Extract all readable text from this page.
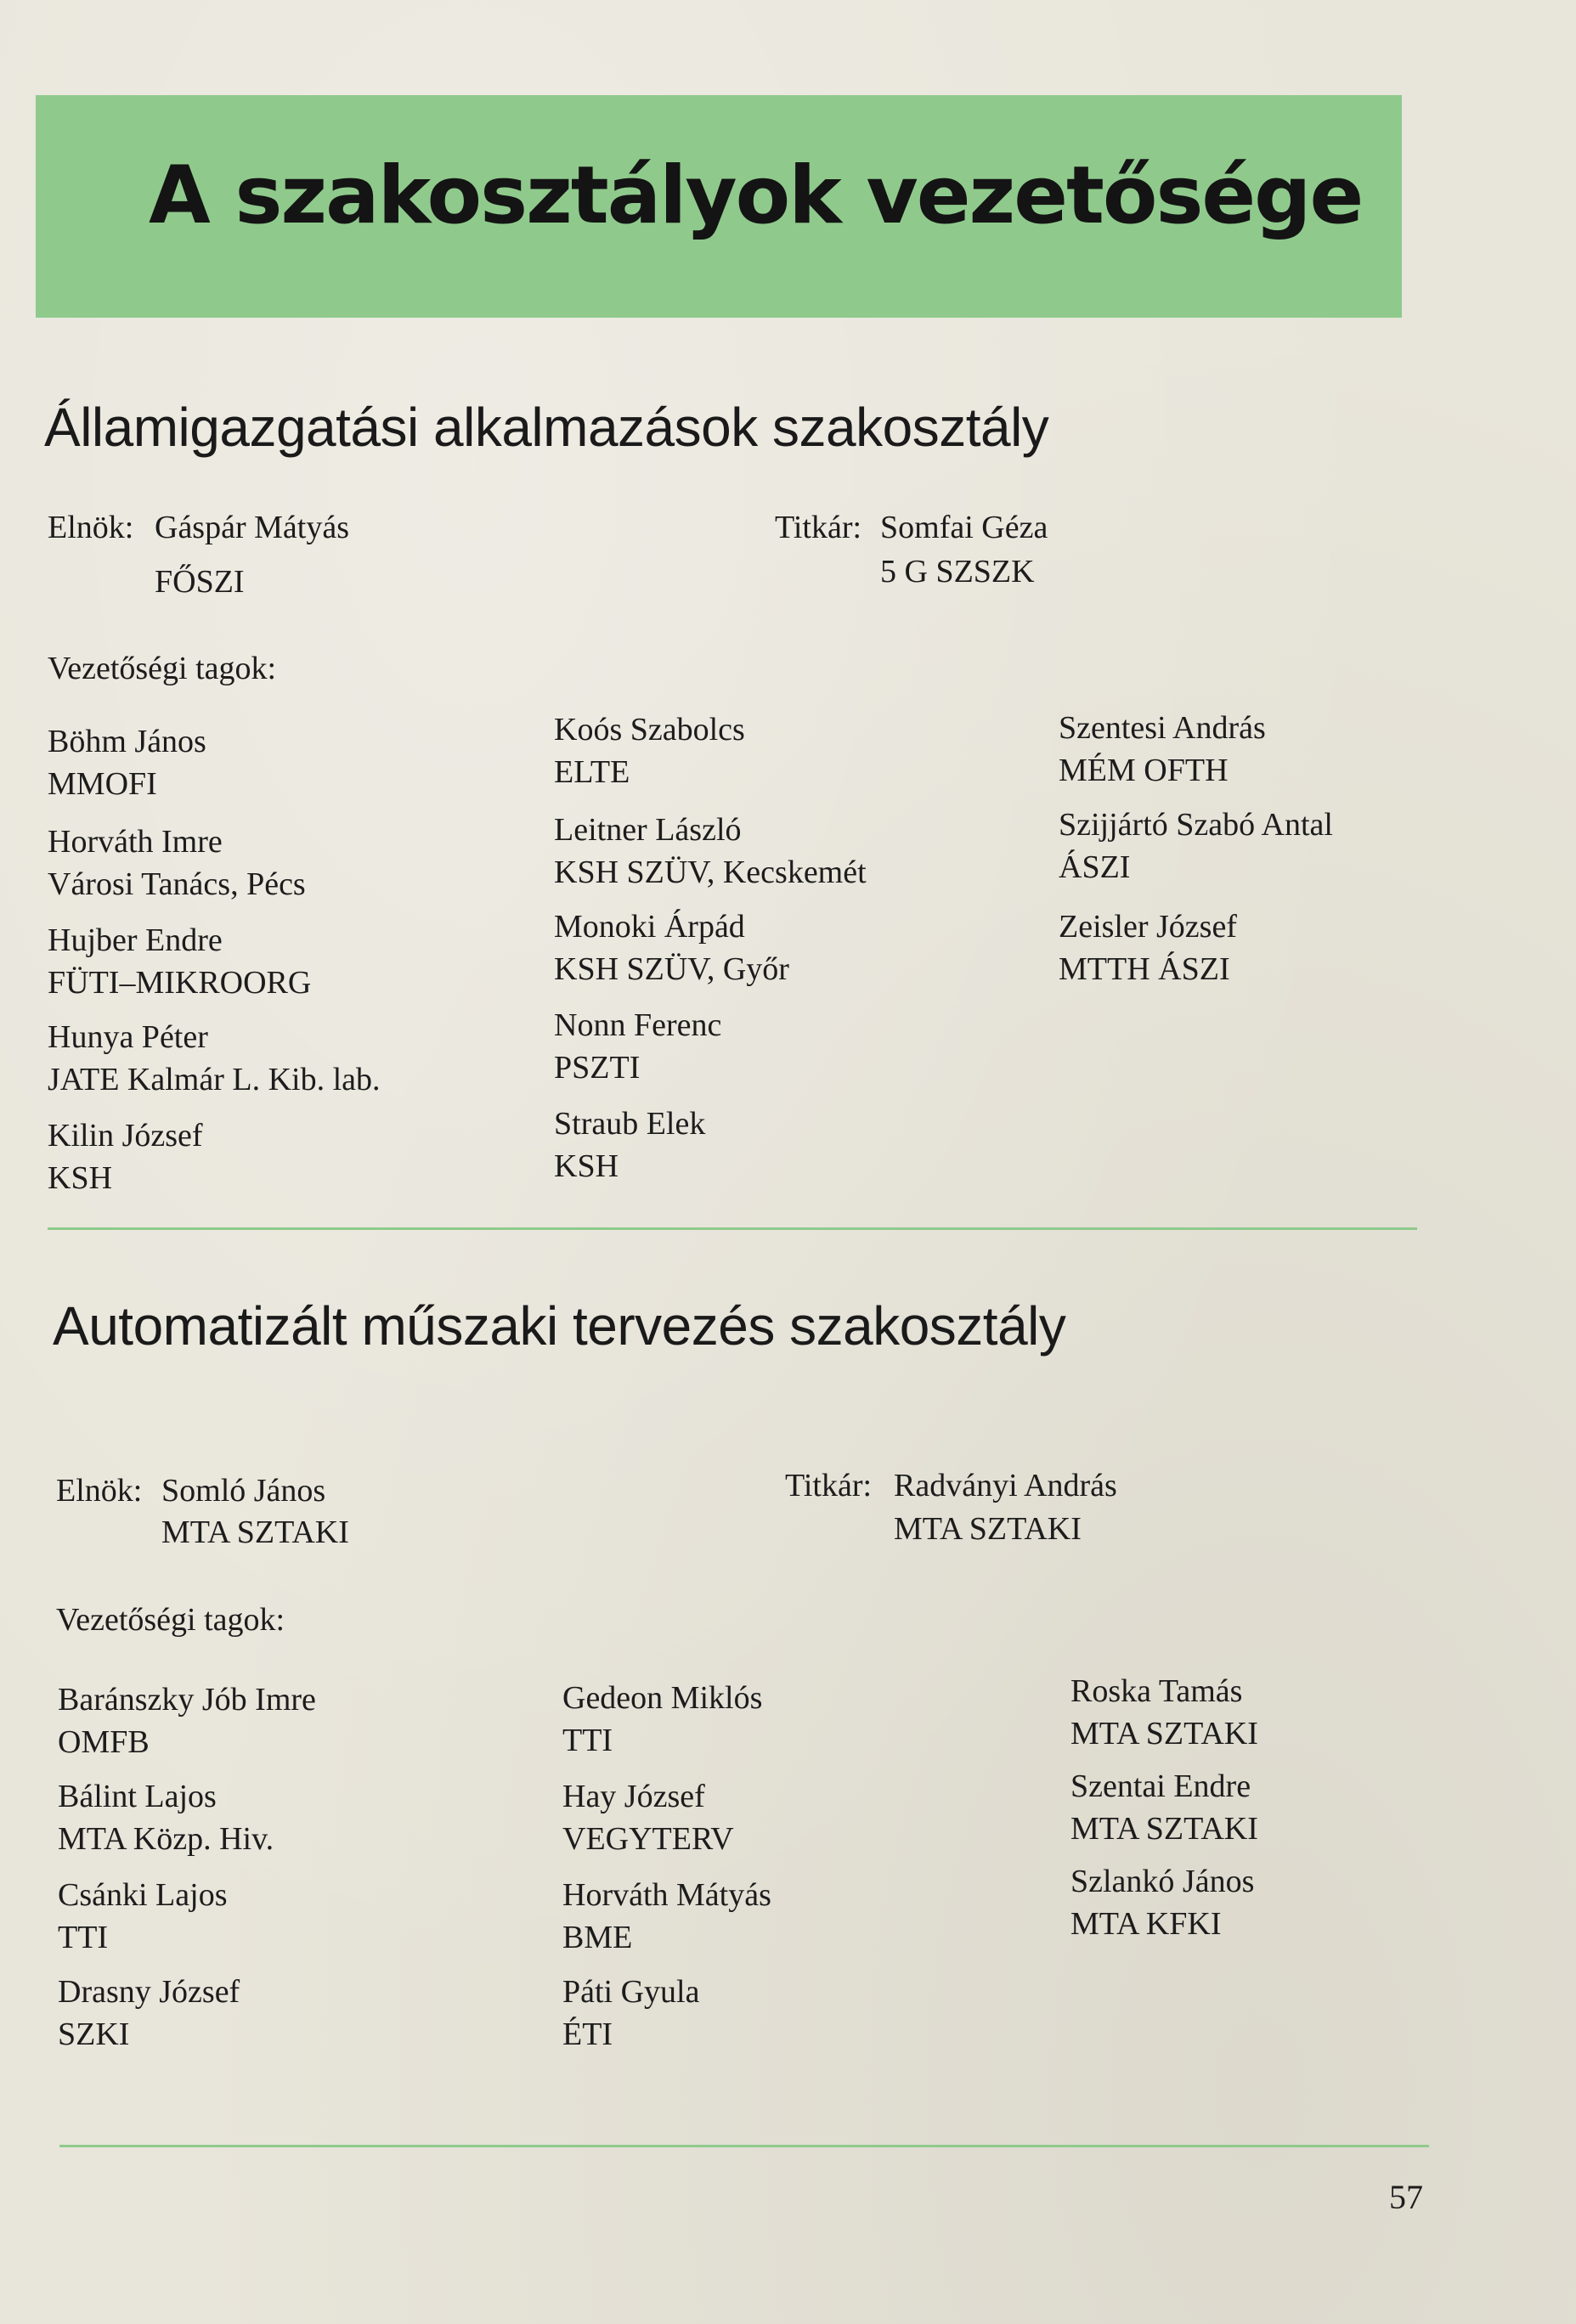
A szakosztályok vezetősége
Államigazgatási alkalmazások szakosztály
Elnök: Gáspár Mátyás
FŐSZI
Titkár: Somfai Géza
5 G SZSZK
Vezetőségi tagok:
Böhm János
MMOFI
Horváth Imre
Városi Tanács, Pécs
Hujber Endre
FÜTI–MIKROORG
Hunya Péter
JATE Kalmár L. Kib. lab.
Kilin József
KSH
Koós Szabolcs
ELTE
Leitner László
KSH SZÜV, Kecskemét
Monoki Árpád
KSH SZÜV, Győr
Nonn Ferenc
PSZTI
Straub Elek
KSH
Szentesi András
MÉM OFTH
Szijjártó Szabó Antal
ÁSZI
Zeisler József
MTTH ÁSZI
Automatizált műszaki tervezés szakosztály
Elnök: Somló János
MTA SZTAKI
Titkár: Radványi András
MTA SZTAKI
Vezetőségi tagok:
Baránszky Jób Imre
OMFB
Bálint Lajos
MTA Közp. Hiv.
Csánki Lajos
TTI
Drasny József
SZKI
Gedeon Miklós
TTI
Hay József
VEGYTERV
Horváth Mátyás
BME
Páti Gyula
ÉTI
Roska Tamás
MTA SZTAKI
Szentai Endre
MTA SZTAKI
Szlankó János
MTA KFKI
57
